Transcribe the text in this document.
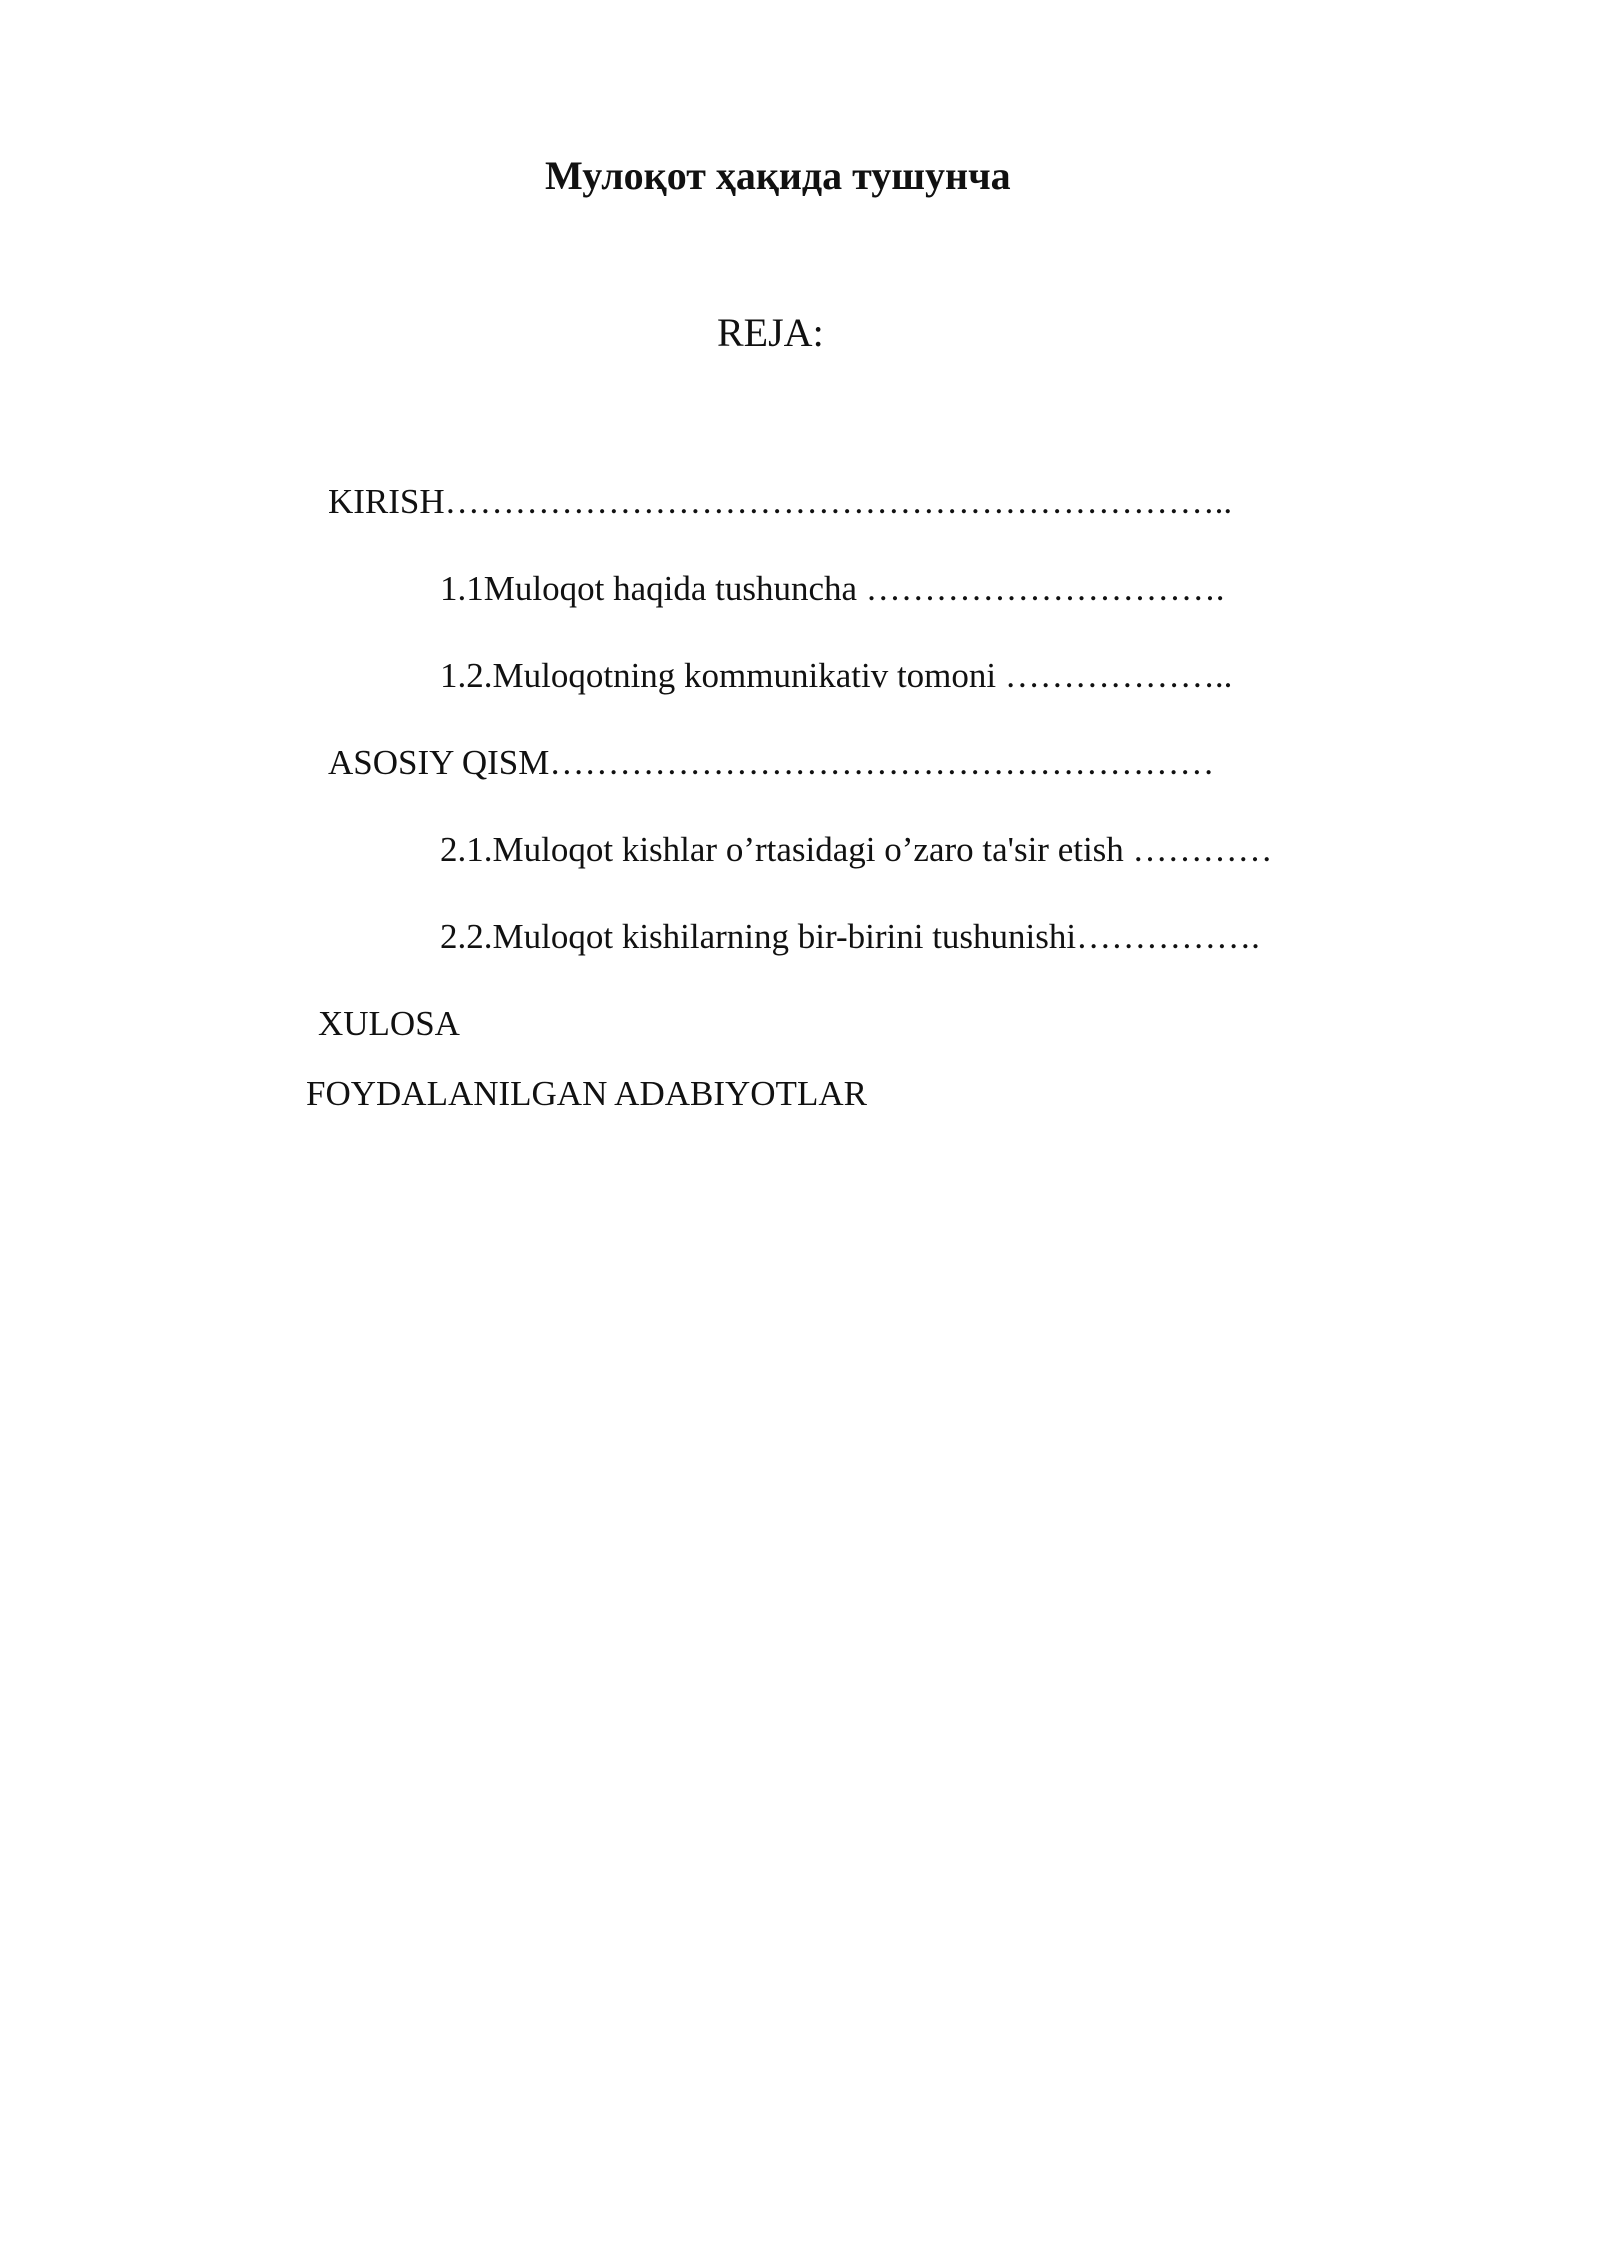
Мулоқот ҳақида тушунча
REJA:
KIRISH…………………………………………………………..
1.1Muloqot haqida tushuncha ………………………….
1.2.Muloqotning kommunikativ tomoni ………………..
ASOSIY QISM…………………………………………………
2.1.Muloqot kishlar o’rtasidagi o’zaro ta'sir etish …………
2.2.Muloqot kishilarning bir-birini tushunishi…………….
XULOSA
FOYDALANILGAN ADABIYOTLAR
